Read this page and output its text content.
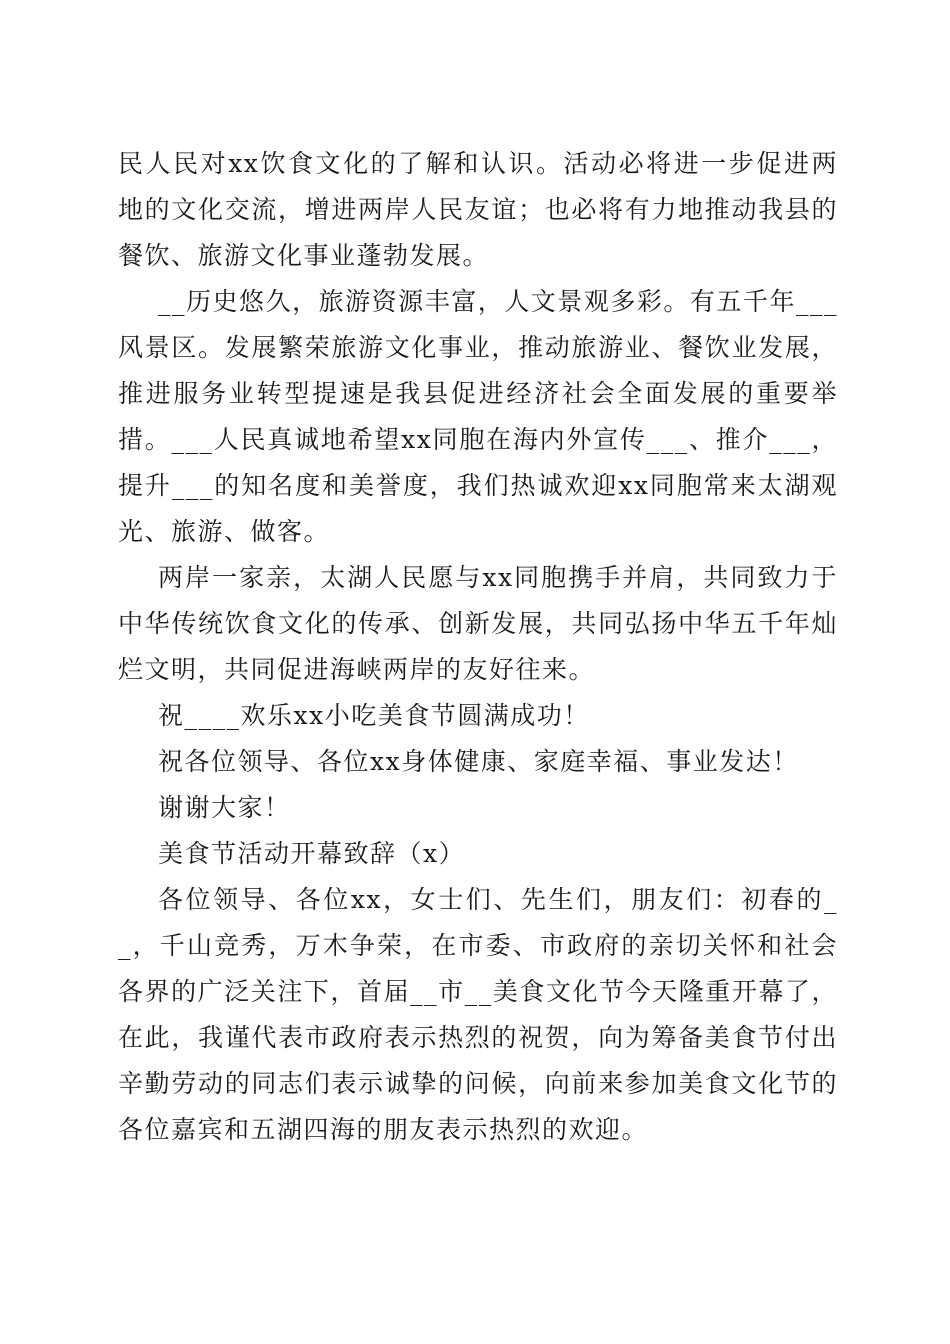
民人民对xx饮食文化的了解和认识。活动必将进一步促进两地的文化交流，增进两岸人民友谊；也必将有力地推动我县的餐饮、旅游文化事业蓬勃发展。

__历史悠久，旅游资源丰富，人文景观多彩。有五千年___风景区。发展繁荣旅游文化事业，推动旅游业、餐饮业发展，推进服务业转型提速是我县促进经济社会全面发展的重要举措。___人民真诚地希望xx同胞在海内外宣传___、推介___，提升___的知名度和美誉度，我们热诚欢迎xx同胞常来太湖观光、旅游、做客。

两岸一家亲，太湖人民愿与xx同胞携手并肩，共同致力于中华传统饮食文化的传承、创新发展，共同弘扬中华五千年灿烂文明，共同促进海峡两岸的友好往来。

祝____欢乐xx小吃美食节圆满成功！

祝各位领导、各位xx身体健康、家庭幸福、事业发达！

谢谢大家！

美食节活动开幕致辞（x）

各位领导、各位xx，女士们、先生们，朋友们：初春的__，千山竞秀，万木争荣，在市委、市政府的亲切关怀和社会各界的广泛关注下，首届__市__美食文化节今天隆重开幕了，在此，我谨代表市政府表示热烈的祝贺，向为筹备美食节付出辛勤劳动的同志们表示诚挚的问候，向前来参加美食文化节的各位嘉宾和五湖四海的朋友表示热烈的欢迎。
